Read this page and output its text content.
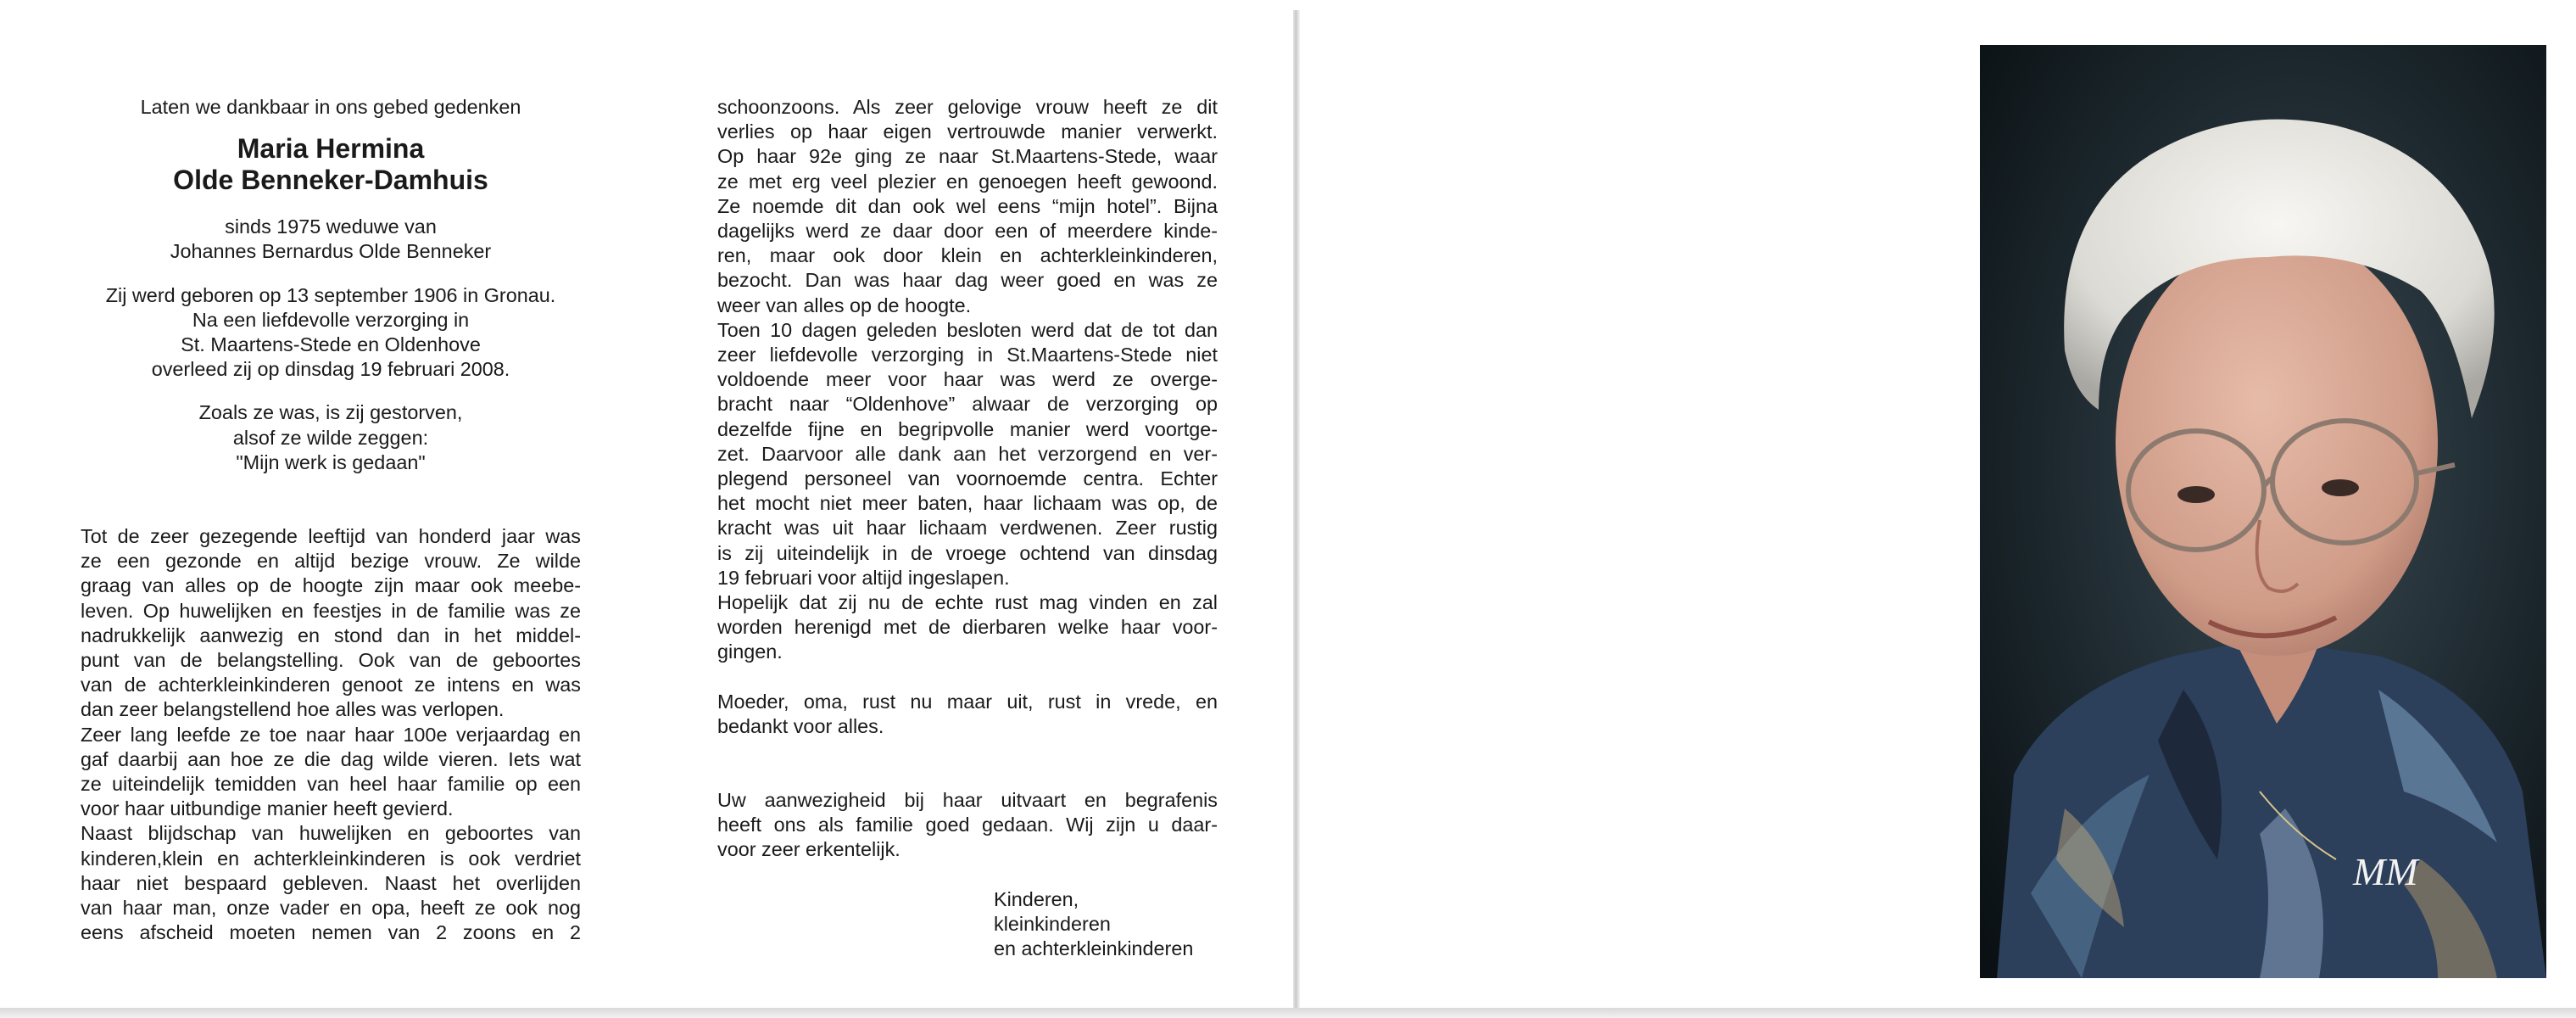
Laten we dankbaar in ons gebed gedenken
Maria Hermina
Olde Benneker-Damhuis
sinds 1975 weduwe van
Johannes Bernardus Olde Benneker
Zij werd geboren op 13 september 1906 in Gronau.
Na een liefdevolle verzorging in
St. Maartens-Stede en Oldenhove
overleed zij op dinsdag 19 februari 2008.
Zoals ze was, is zij gestorven,
alsof ze wilde zeggen:
"Mijn werk is gedaan"
Tot de zeer gezegende leeftijd van honderd jaar was
ze een gezonde en altijd bezige vrouw. Ze wilde
graag van alles op de hoogte zijn maar ook meebe-
leven. Op huwelijken en feestjes in de familie was ze
nadrukkelijk aanwezig en stond dan in het middel-
punt van de belangstelling. Ook van de geboortes
van de achterkleinkinderen genoot ze intens en was
dan zeer belangstellend hoe alles was verlopen.
Zeer lang leefde ze toe naar haar 100e verjaardag en
gaf daarbij aan hoe ze die dag wilde vieren. Iets wat
ze uiteindelijk temidden van heel haar familie op een
voor haar uitbundige manier heeft gevierd.
Naast blijdschap van huwelijken en geboortes van
kinderen,klein en achterkleinkinderen is ook verdriet
haar niet bespaard gebleven. Naast het overlijden
van haar man, onze vader en opa, heeft ze ook nog
eens afscheid moeten nemen van 2 zoons en 2
schoonzoons. Als zeer gelovige vrouw heeft ze dit
verlies op haar eigen vertrouwde manier verwerkt.
Op haar 92e ging ze naar St.Maartens-Stede, waar
ze met erg veel plezier en genoegen heeft gewoond.
Ze noemde dit dan ook wel eens “mijn hotel”. Bijna
dagelijks werd ze daar door een of meerdere kinde-
ren, maar ook door klein en achterkleinkinderen,
bezocht. Dan was haar dag weer goed en was ze
weer van alles op de hoogte.
Toen 10 dagen geleden besloten werd dat de tot dan
zeer liefdevolle verzorging in St.Maartens-Stede niet
voldoende meer voor haar was werd ze overge-
bracht naar “Oldenhove” alwaar de verzorging op
dezelfde fijne en begripvolle manier werd voortge-
zet. Daarvoor alle dank aan het verzorgend en ver-
plegend personeel van voornoemde centra. Echter
het mocht niet meer baten, haar lichaam was op, de
kracht was uit haar lichaam verdwenen. Zeer rustig
is zij uiteindelijk in de vroege ochtend van dinsdag
19 februari voor altijd ingeslapen.
Hopelijk dat zij nu de echte rust mag vinden en zal
worden herenigd met de dierbaren welke haar voor-
gingen.
Moeder, oma, rust nu maar uit, rust in vrede, en
bedankt voor alles.
Uw aanwezigheid bij haar uitvaart en begrafenis
heeft ons als familie goed gedaan. Wij zijn u daar-
voor zeer erkentelijk.
Kinderen,
kleinkinderen
en achterkleinkinderen
MM
